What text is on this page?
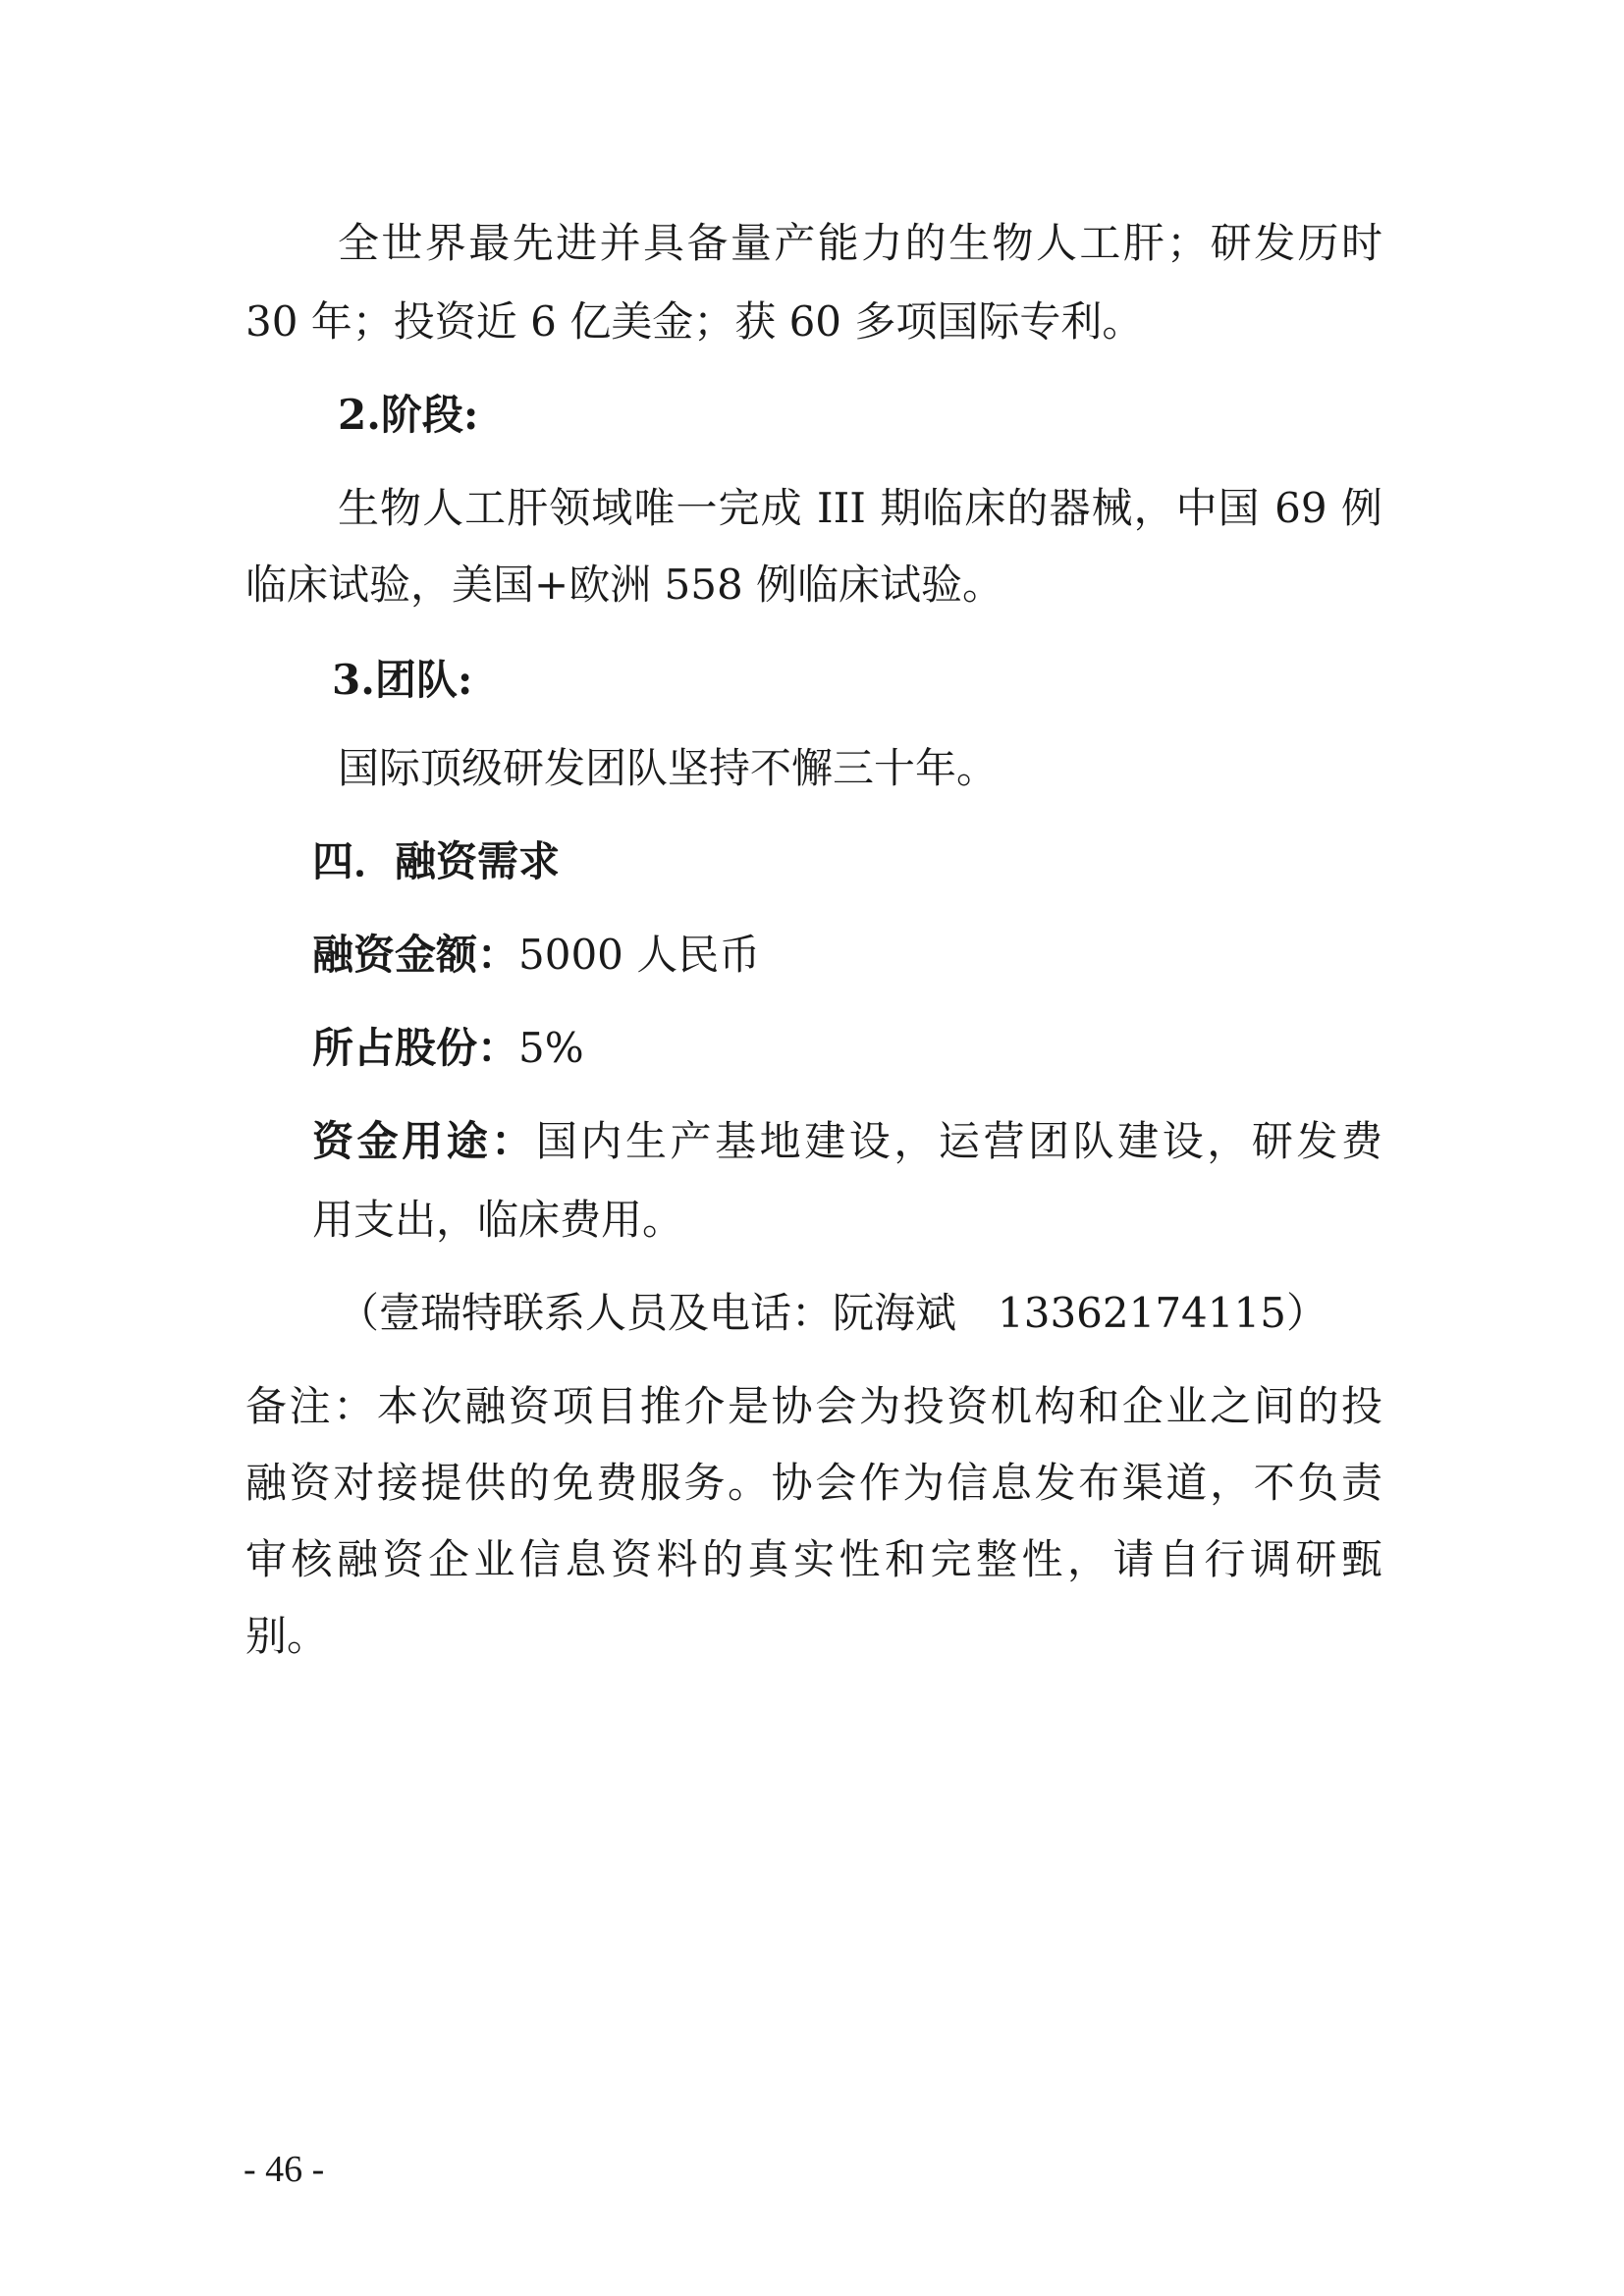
全世界最先进并具备量产能力的生物人工肝；研发历时
30 年；投资近 6 亿美金；获 60 多项国际专利。
2.阶段:
生物人工肝领域唯一完成 III 期临床的器械，中国 69 例
临床试验，美国+欧洲 558 例临床试验。
3.团队:
国际顶级研发团队坚持不懈三十年。
四．融资需求
融资金额：5000 人民币
所占股份：5%
资金用途：国内生产基地建设，运营团队建设，研发费
用支出，临床费用。
（壹瑞特联系人员及电话：阮海斌　13362174115）
备注：本次融资项目推介是协会为投资机构和企业之间的投
融资对接提供的免费服务。协会作为信息发布渠道，不负责
审核融资企业信息资料的真实性和完整性，请自行调研甄
别。
- 46 -
